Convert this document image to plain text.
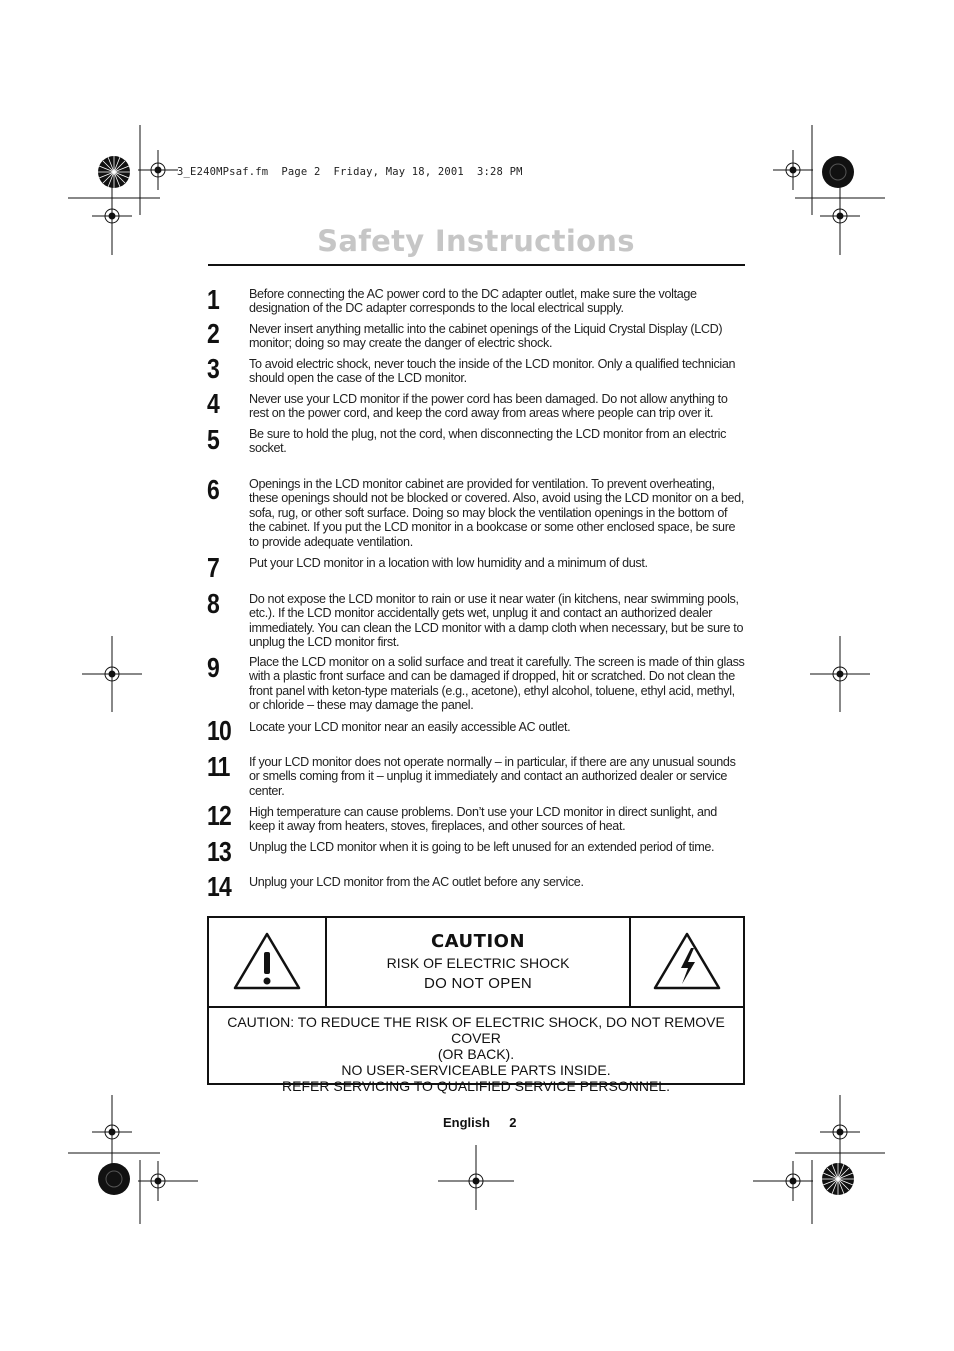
3_E240MPsaf.fm  Page 2  Friday, May 18, 2001  3:28 PM
Safety Instructions
1	Before connecting the AC power cord to the DC adapter outlet, make sure the voltage designation of the DC adapter corresponds to the local electrical supply.
2	Never insert anything metallic into the cabinet openings of the Liquid Crystal Display (LCD) monitor; doing so may create the danger of electric shock.
3	To avoid electric shock, never touch the inside of the LCD monitor. Only a qualified technician should open the case of the LCD monitor.
4	Never use your LCD monitor if the power cord has been damaged. Do not allow anything to rest on the power cord, and keep the cord away from areas where people can trip over it.
5	Be sure to hold the plug, not the cord, when disconnecting the LCD monitor from an electric socket.
6	Openings in the LCD monitor cabinet are provided for ventilation. To prevent overheating, these openings should not be blocked or covered. Also, avoid using the LCD monitor on a bed, sofa, rug, or other soft surface. Doing so may block the ventilation openings in the bottom of the cabinet. If you put the LCD monitor in a bookcase or some other enclosed space, be sure to provide adequate ventilation.
7	Put your LCD monitor in a location with low humidity and a minimum of dust.
8	Do not expose the LCD monitor to rain or use it near water (in kitchens, near swimming pools, etc.). If the LCD monitor accidentally gets wet, unplug it and contact an authorized dealer immediately. You can clean the LCD monitor with a damp cloth when necessary, but be sure to unplug the LCD monitor first.
9	Place the LCD monitor on a solid surface and treat it carefully. The screen is made of thin glass with a plastic front surface and can be damaged if dropped, hit or scratched. Do not clean the front panel with keton-type materials (e.g., acetone), ethyl alcohol, toluene, ethyl acid, methyl, or chloride – these may damage the panel.
10	Locate your LCD monitor near an easily accessible AC outlet.
11	If your LCD monitor does not operate normally – in particular, if there are any unusual sounds or smells coming from it – unplug it immediately and contact an authorized dealer or service center.
12	High temperature can cause problems. Don’t use your LCD monitor in direct sunlight, and keep it away from heaters, stoves, fireplaces, and other sources of heat.
13	Unplug the LCD monitor when it is going to be left unused for an extended period of time.
14	Unplug your LCD monitor from the AC outlet before any service.
CAUTION
RISK OF ELECTRIC SHOCK
DO NOT OPEN
CAUTION: TO REDUCE THE RISK OF ELECTRIC SHOCK, DO NOT REMOVE COVER
(OR BACK).
NO USER-SERVICEABLE PARTS INSIDE.
REFER SERVICING TO QUALIFIED SERVICE PERSONNEL.
English 2
